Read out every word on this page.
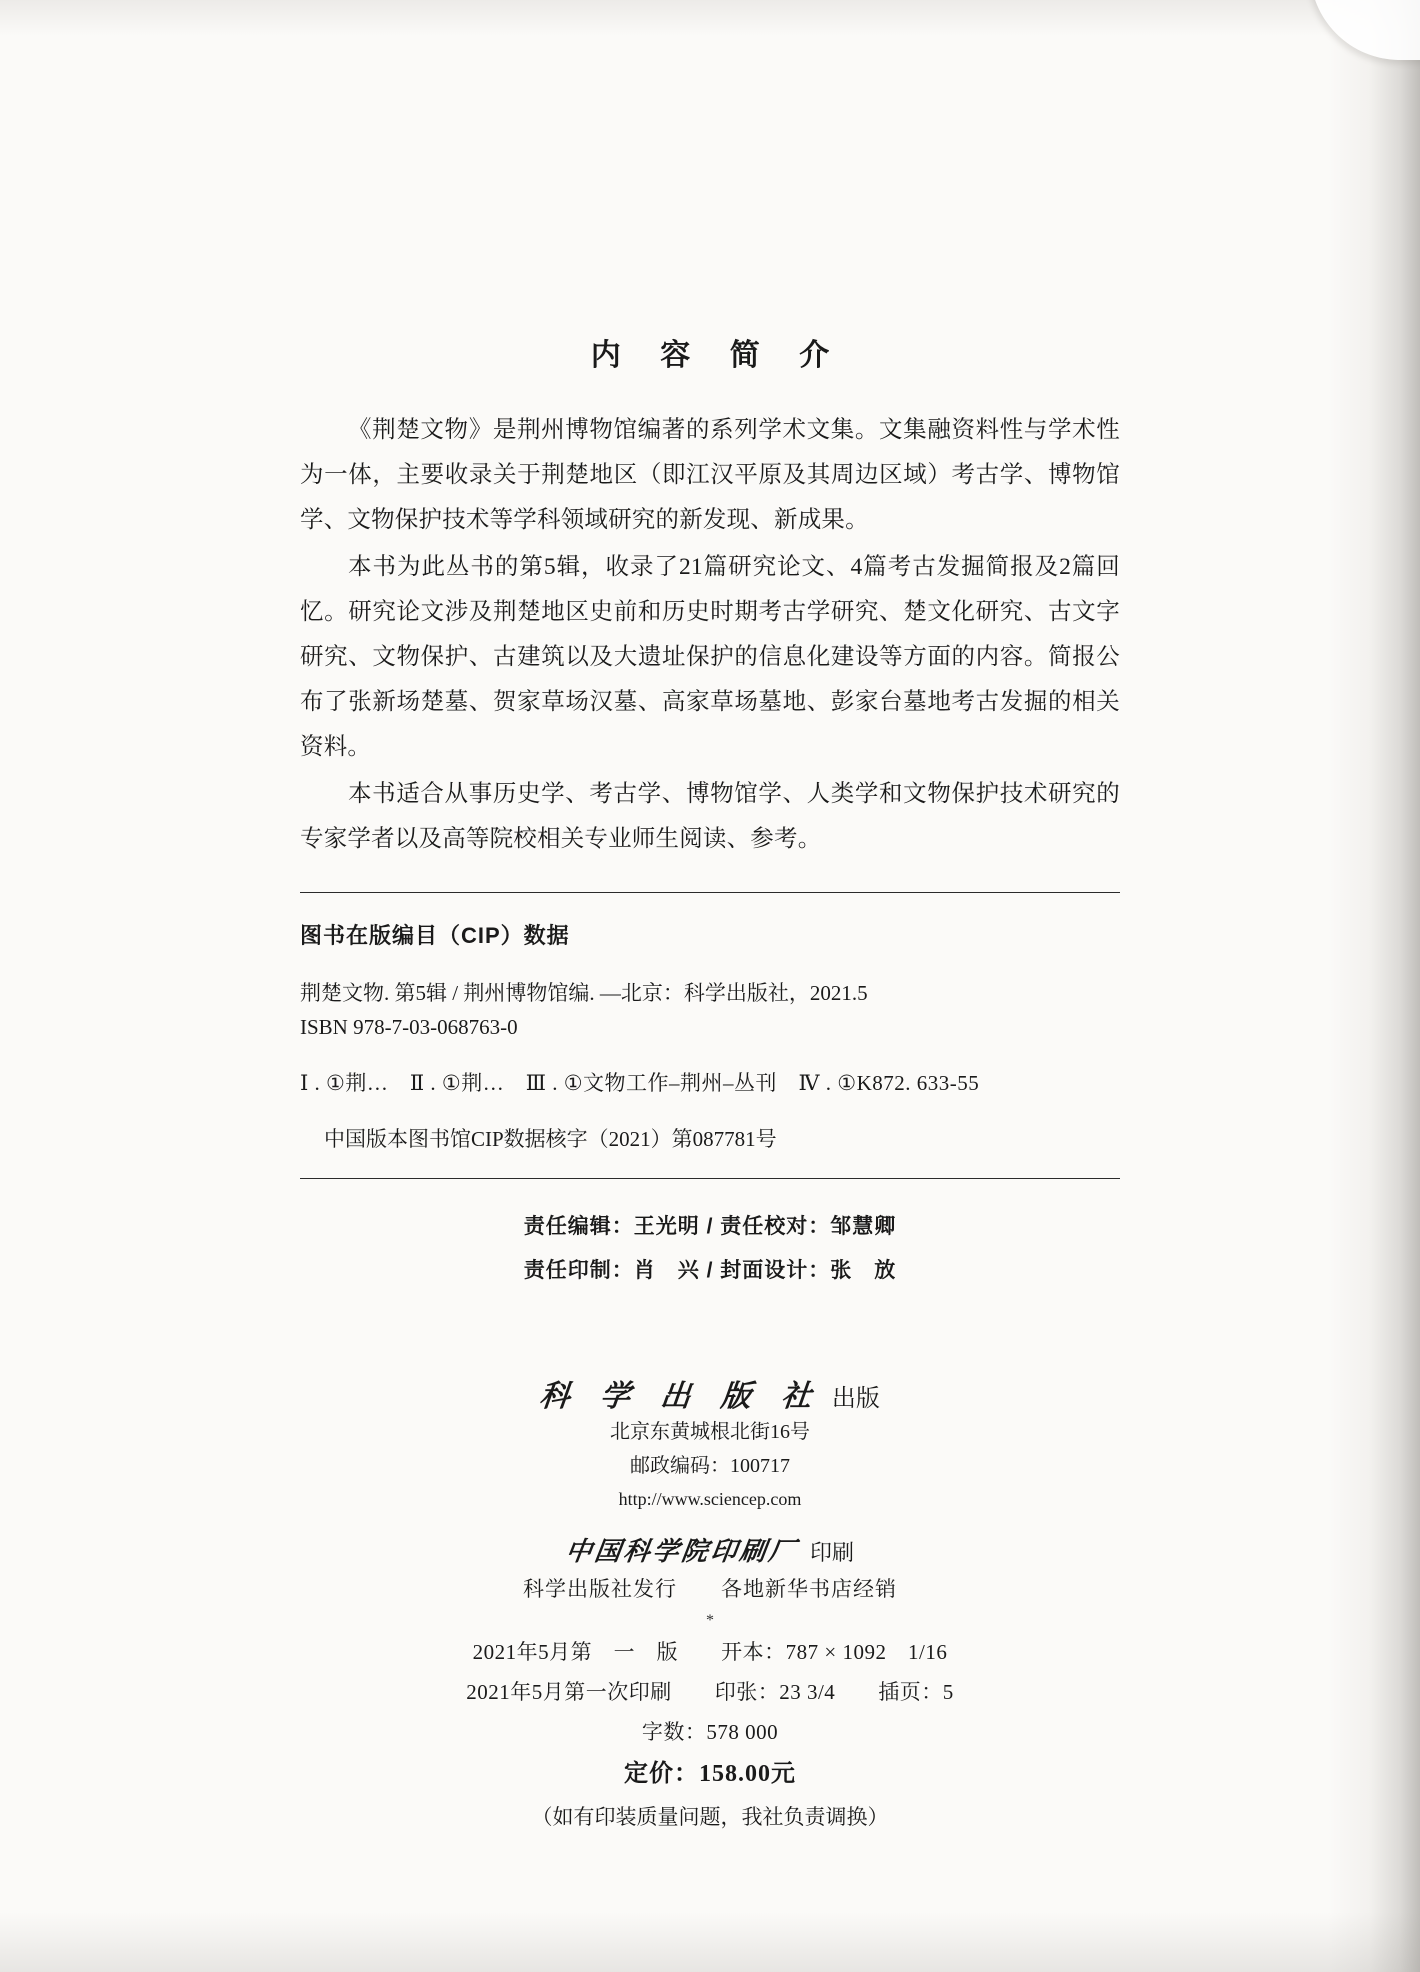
内 容 简 介

《荆楚文物》是荆州博物馆编著的系列学术文集。文集融资料性与学术性为一体，主要收录关于荆楚地区（即江汉平原及其周边区域）考古学、博物馆学、文物保护技术等学科领域研究的新发现、新成果。

本书为此丛书的第5辑，收录了21篇研究论文、4篇考古发掘简报及2篇回忆。研究论文涉及荆楚地区史前和历史时期考古学研究、楚文化研究、古文字研究、文物保护、古建筑以及大遗址保护的信息化建设等方面的内容。简报公布了张新场楚墓、贺家草场汉墓、高家草场墓地、彭家台墓地考古发掘的相关资料。

本书适合从事历史学、考古学、博物馆学、人类学和文物保护技术研究的专家学者以及高等院校相关专业师生阅读、参考。

图书在版编目（CIP）数据

荆楚文物. 第5辑 / 荆州博物馆编. —北京：科学出版社，2021.5

ISBN 978-7-03-068763-0

Ⅰ . ①荆…　Ⅱ . ①荆…　Ⅲ . ①文物工作–荆州–丛刊　Ⅳ . ①K872. 633-55

中国版本图书馆CIP数据核字（2021）第087781号

责任编辑：王光明 / 责任校对：邹慧卿
责任印制：肖　兴 / 封面设计：张　放
科 学 出 版 社 出版
北京东黄城根北街16号
邮政编码：100717
http://www.sciencep.com
中国科学院印刷厂 印刷
科学出版社发行　　各地新华书店经销
*
2021年5月第　一　版　　开本：787 × 1092　1/16
2021年5月第一次印刷　　印张：23 3/4　　插页：5
字数：578 000
定价：158.00元
（如有印装质量问题，我社负责调换）
